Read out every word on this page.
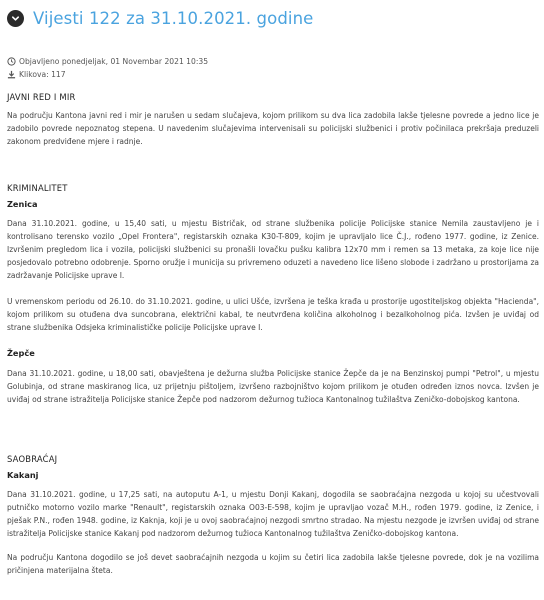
Vijesti 122 za 31.10.2021. godine
Objavljeno ponedjeljak, 01 Novembar 2021 10:35
Klikova: 117
JAVNI RED I MIR

Na području Kantona javni red i mir je narušen u sedam slučajeva, kojom prilikom su dva lica zadobila lakše tjelesne povrede a jedno lice je zadobilo povrede nepoznatog stepena. U navedenim slučajevima intervenisali su policijski službenici i protiv počinilaca prekršaja preduzeli zakonom predviđene mjere i radnje.

KRIMINALITET
Zenica

Dana 31.10.2021. godine, u 15,40 sati, u mjestu Bistričak, od strane službenika policije Policijske stanice Nemila zaustavljeno je i kontrolisano terensko vozilo „Opel Frontera", registarskih oznaka K30-T-809, kojim je upravljalo lice Č.J., rođeno 1977. godine, iz Zenice. Izvršenim pregledom lica i vozila, policijski službenici su pronašli lovačku pušku kalibra 12x70 mm i remen sa 13 metaka, za koje lice nije posjedovalo potrebno odobrenje. Sporno oružje i municija su privremeno oduzeti a navedeno lice lišeno slobode i zadržano u prostorijama za zadržavanje Policijske uprave I.

U vremenskom periodu od 26.10. do 31.10.2021. godine, u ulici Ušće, izvršena je teška krađa u prostorije ugostiteljskog objekta "Hacienda", kojom prilikom su otuđena dva suncobrana, električni kabal, te neutvrđena količina alkoholnog i bezalkoholnog pića. Izvšen je uviđaj od strane službenika Odsjeka kriminalističke policije Policijske uprave I.

Žepče

Dana 31.10.2021. godine, u 18,00 sati, obavještena je dežurna služba Policijske stanice Žepče da je na Benzinskoj pumpi "Petrol", u mjestu Golubinja, od strane maskiranog lica, uz prijetnju pištoljem, izvršeno razbojništvo kojom prilikom je otuđen određen iznos novca. Izvšen je uviđaj od strane istražitelja Policijske stanice Žepče pod nadzorom dežurnog tužioca Kantonalnog tužilaštva Zeničko-dobojskog kantona.

SAOBRAĆAJ
Kakanj

Dana 31.10.2021. godine, u 17,25 sati, na autoputu A-1, u mjestu Donji Kakanj, dogodila se saobraćajna nezgoda u kojoj su učestvovali putničko motorno vozilo marke "Renault", registarskih oznaka O03-E-598, kojim je upravljao vozač M.H., rođen 1979. godine, iz Zenice, i pješak P.N., rođen 1948. godine, iz Kaknja, koji je u ovoj saobraćajnoj nezgodi smrtno stradao. Na mjestu nezgode je izvršen uviđaj od strane istražitelja Policijske stanice Kakanj pod nadzorom dežurnog tužioca Kantonalnog tužilaštva Zeničko-dobojskog kantona.

Na području Kantona dogodilo se još devet saobraćajnih nezgoda u kojim su četiri lica zadobila lakše tjelesne povrede, dok je na vozilima pričinjena materijalna šteta.
